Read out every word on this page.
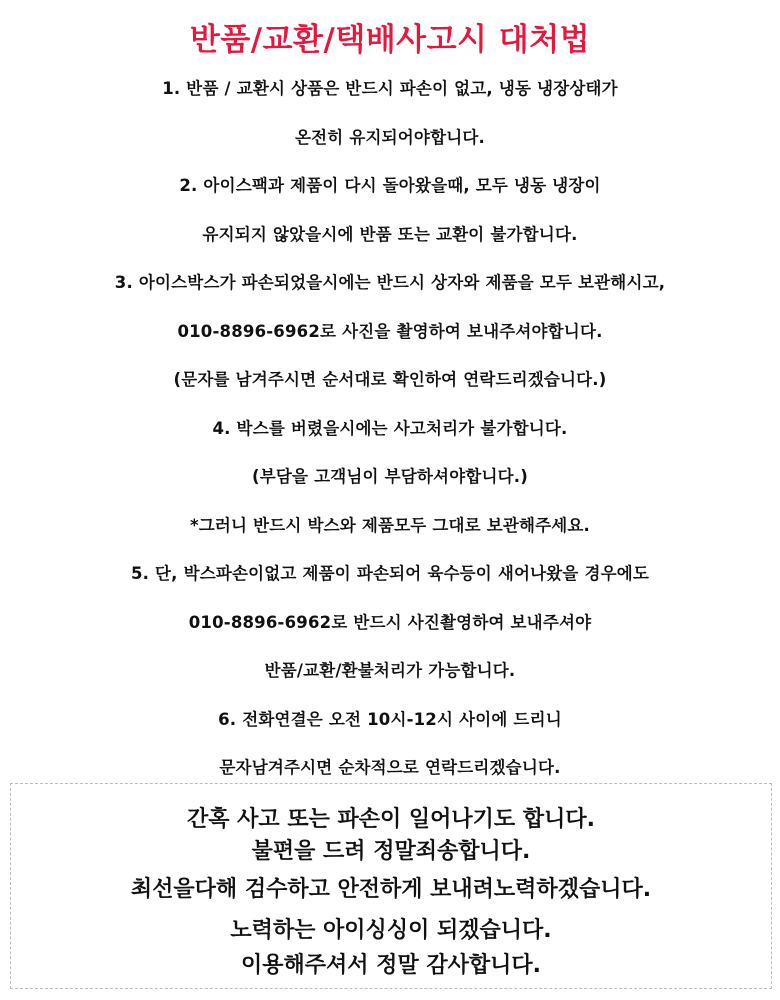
반품/교환/택배사고시 대처법
1. 반품 / 교환시 상품은 반드시 파손이 없고, 냉동 냉장상태가
온전히 유지되어야합니다.
2. 아이스팩과 제품이 다시 돌아왔을때, 모두 냉동 냉장이
유지되지 않았을시에 반품 또는 교환이 불가합니다.
3. 아이스박스가 파손되었을시에는 반드시 상자와 제품을 모두 보관해시고,
010-8896-6962로 사진을 촬영하여 보내주셔야합니다.
(문자를 남겨주시면 순서대로 확인하여 연락드리겠습니다.)
4. 박스를 버렸을시에는 사고처리가 불가합니다.
(부담을 고객님이 부담하셔야합니다.)
*그러니 반드시 박스와 제품모두 그대로 보관해주세요.
5. 단, 박스파손이없고 제품이 파손되어 육수등이 새어나왔을 경우에도
010-8896-6962로 반드시 사진촬영하여 보내주셔야
반품/교환/환불처리가 가능합니다.
6. 전화연결은 오전 10시-12시 사이에 드리니
문자남겨주시면 순차적으로 연락드리겠습니다.
간혹 사고 또는 파손이 일어나기도 합니다.
불편을 드려 정말죄송합니다.
최선을다해 검수하고 안전하게 보내려노력하겠습니다.
노력하는 아이싱싱이 되겠습니다.
이용해주셔서 정말 감사합니다.
